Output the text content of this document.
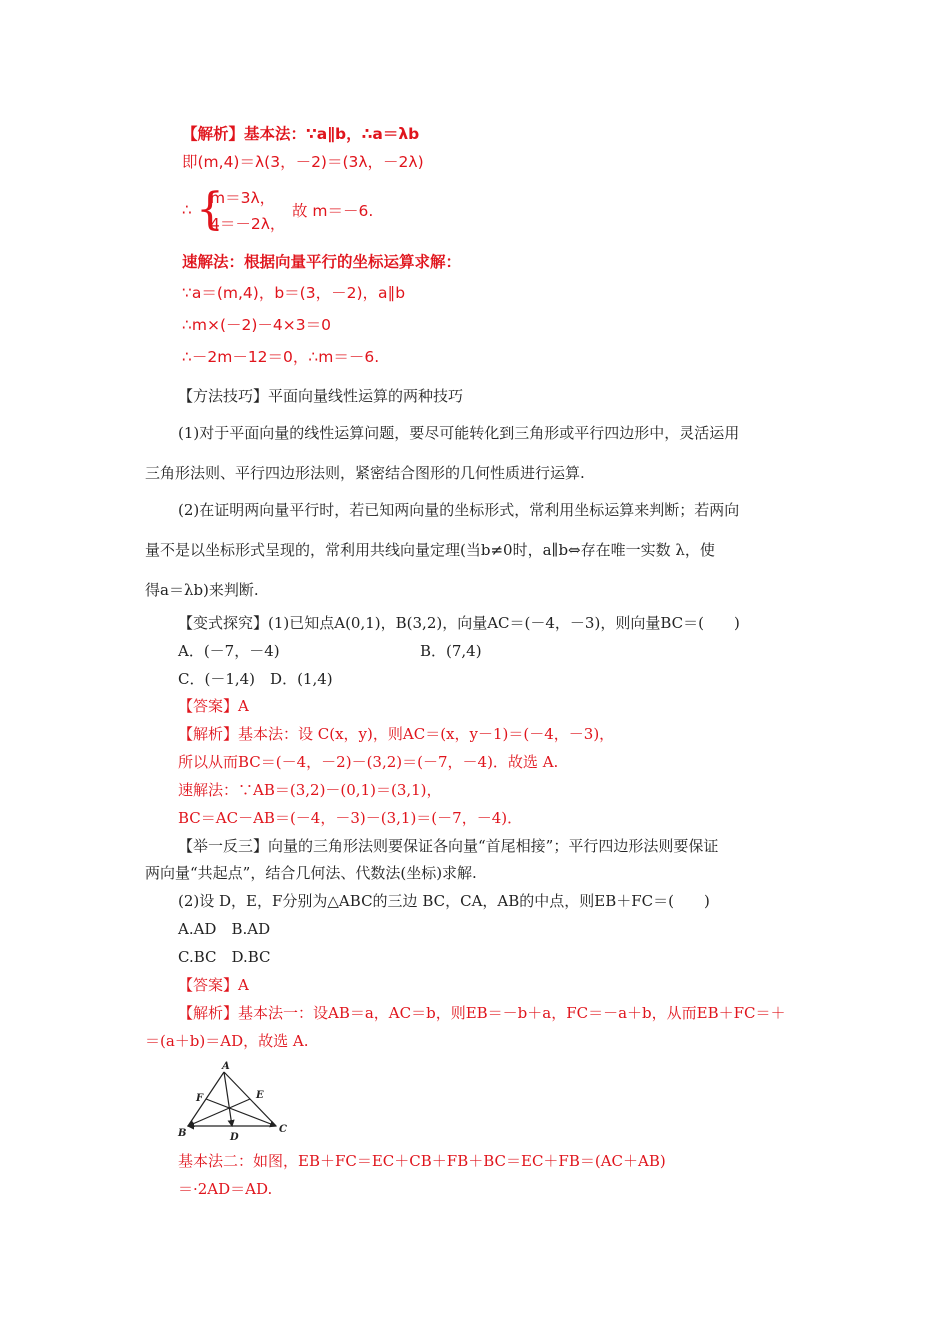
【解析】基本法：∵a∥b，∴a＝λb
即(m,4)＝λ(3，－2)＝(3λ，－2λ)
∴ {
m＝3λ，
4＝－2λ，
故 m＝－6.
速解法：根据向量平行的坐标运算求解：
∵a＝(m,4)，b＝(3，－2)，a∥b
∴m×(－2)－4×3＝0
∴－2m－12＝0，∴m＝－6.
【方法技巧】平面向量线性运算的两种技巧
(1)对于平面向量的线性运算问题，要尽可能转化到三角形或平行四边形中，灵活运用
三角形法则、平行四边形法则，紧密结合图形的几何性质进行运算.
(2)在证明两向量平行时，若已知两向量的坐标形式，常利用坐标运算来判断；若两向
量不是以坐标形式呈现的，常利用共线向量定理(当b≠0时，a∥b⇔存在唯一实数 λ，使
得a＝λb)来判断.
【变式探究】(1)已知点A(0,1)，B(3,2)，向量AC＝(－4，－3)，则向量BC＝(　　)
A．(－7，－4)	B．(7,4)
C．(－1,4)　D．(1,4)
【答案】A
【解析】基本法：设 C(x，y)，则AC＝(x，y－1)＝(－4，－3)，
所以从而BC＝(－4，－2)－(3,2)＝(－7，－4)．故选 A.
速解法：∵AB＝(3,2)－(0,1)＝(3,1)，
BC＝AC－AB＝(－4，－3)－(3,1)＝(－7，－4)．
【举一反三】向量的三角形法则要保证各向量“首尾相接”；平行四边形法则要保证
两向量“共起点”，结合几何法、代数法(坐标)求解.
(2)设 D，E，F分别为△ABC的三边 BC，CA，AB的中点，则EB＋FC＝(　　)
A.AD　B.AD
C.BC　D.BC
【答案】A
【解析】基本法一：设AB＝a，AC＝b，则EB＝－b＋a，FC＝－a＋b，从而EB＋FC＝＋
＝(a＋b)＝AD，故选 A.
A
B	C
D
E
F
基本法二：如图，EB＋FC＝EC＋CB＋FB＋BC＝EC＋FB＝(AC＋AB)
＝·2AD＝AD.
